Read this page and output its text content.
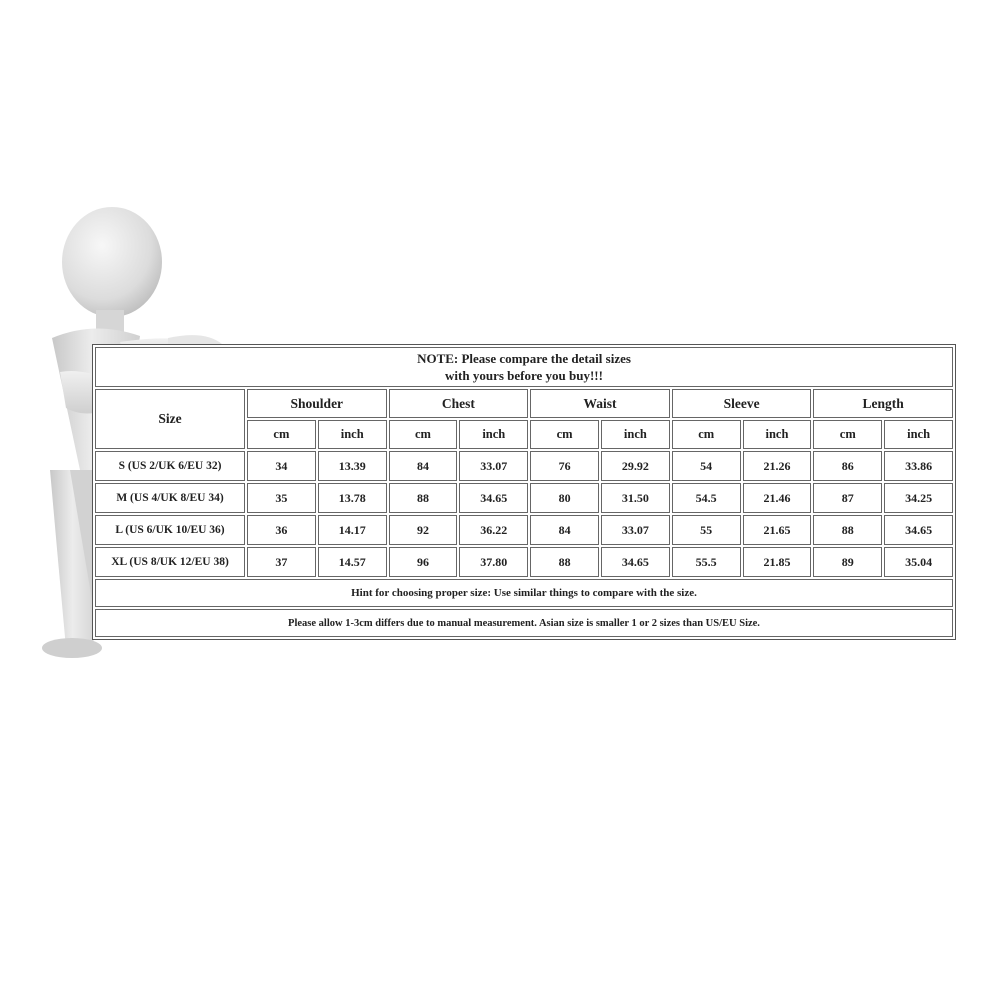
NOTE: Please compare the detail sizes
with yours before you buy!!!										

Size	Shoulder		Chest		Waist		Sleeve		Length	
	cm	inch	cm	inch	cm	inch	cm	inch	cm	inch
S (US 2/UK 6/EU 32)	34	13.39	84	33.07	76	29.92	54	21.26	86	33.86
M (US 4/UK 8/EU 34)	35	13.78	88	34.65	80	31.50	54.5	21.46	87	34.25
L (US 6/UK 10/EU 36)	36	14.17	92	36.22	84	33.07	55	21.65	88	34.65
XL (US 8/UK 12/EU 38)	37	14.57	96	37.80	88	34.65	55.5	21.85	89	35.04
Hint for choosing proper size: Use similar things to compare with the size.										
Please allow 1-3cm differs due to manual measurement. Asian size is smaller 1 or 2 sizes than US/EU Size.										
